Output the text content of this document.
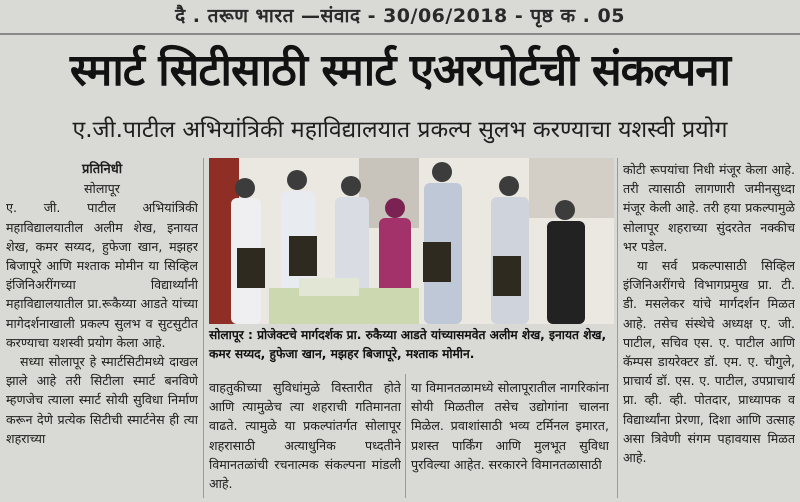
दै . तरूण भारत —संवाद - 30/06/2018 - पृष्ठ क . 05
स्मार्ट सिटीसाठी स्मार्ट एअरपोर्टची संकल्पना
ए.जी.पाटील अभियांत्रिकी महाविद्यालयात प्रकल्प सुलभ करण्याचा यशस्वी प्रयोग
प्रतिनिधी
सोलापूर

ए. जी. पाटील अभियांत्रिकी महाविद्यालयातील अलीम शेख, इनायत शेख, कमर सय्यद, हुफेजा खान, मझहर बिजापूरे आणि मश्ताक मोमीन या सिव्हिल इंजिनिअरींगच्या विद्यार्थ्यांनी महाविद्यालयातील प्रा.रूकैय्या आडते यांच्या मागेदर्शनाखाली प्रकल्प सुलभ व सुटसुटीत करण्याचा यशस्वी प्रयोग केला आहे.

सध्या सोलापूर हे स्मार्टसिटीमध्ये दाखल झाले आहे तरी सिटीला स्मार्ट बनविणे म्हणजेच त्याला स्मार्ट सोयी सुविधा निर्माण करून देणे प्रत्येक सिटीची स्मार्टनेस ही त्या शहराच्या

सोलापूर : प्रोजेक्टचे मार्गदर्शक प्रा. रुकैय्या आडते यांच्यासमवेत अलीम शेख, इनायत शेख, कमर सय्यद, हुफेजा खान, मझहर बिजापूरे, मश्ताक मोमीन.

वाहतुकीच्या सुविधांमुळे विस्तारीत होते आणि त्यामुळेच त्या शहराची गतिमानता वाढते. त्यामुळे या प्रकल्पांतर्गत सोलापूर शहरासाठी अत्याधुनिक पध्दतीने विमानतळांची रचनात्मक संकल्पना मांडली आहे.

या विमानतळामध्ये सोलापूरातील नागरिकांना सोयी मिळतील तसेच उद्योगांना चालना मिळेल. प्रवाशांसाठी भव्य टर्मिनल इमारत, प्रशस्त पार्किंग आणि मुलभूत सुविधा पुरविल्या आहेत. सरकारने विमानतळासाठी

कोटी रूपयांचा निधी मंजूर केला आहे. तरी त्यासाठी लागणारी जमीनसुध्दा मंजूर केली आहे. तरी हया प्रकल्पामुळे सोलापूर शहराच्या सुंदरतेत नक्कीच भर पडेल.

या सर्व प्रकल्पासाठी सिव्हिल इंजिनिअरींगचे विभागप्रमुख प्रा. टी. डी. मसलेकर यांचे मार्गदर्शन मिळत आहे. तसेच संस्थेचे अध्यक्ष ए. जी. पाटील, सचिव एस. ए. पाटील आणि कॅम्पस डायरेक्टर डॉ. एम. ए. चौगुले, प्राचार्य डॉ. एस. ए. पाटील, उपप्राचार्य प्रा. व्ही. व्ही. पोतदार, प्राध्यापक व विद्यार्थ्यांना प्रेरणा, दिशा आणि उत्साह असा त्रिवेणी संगम पहावयास मिळत आहे.
